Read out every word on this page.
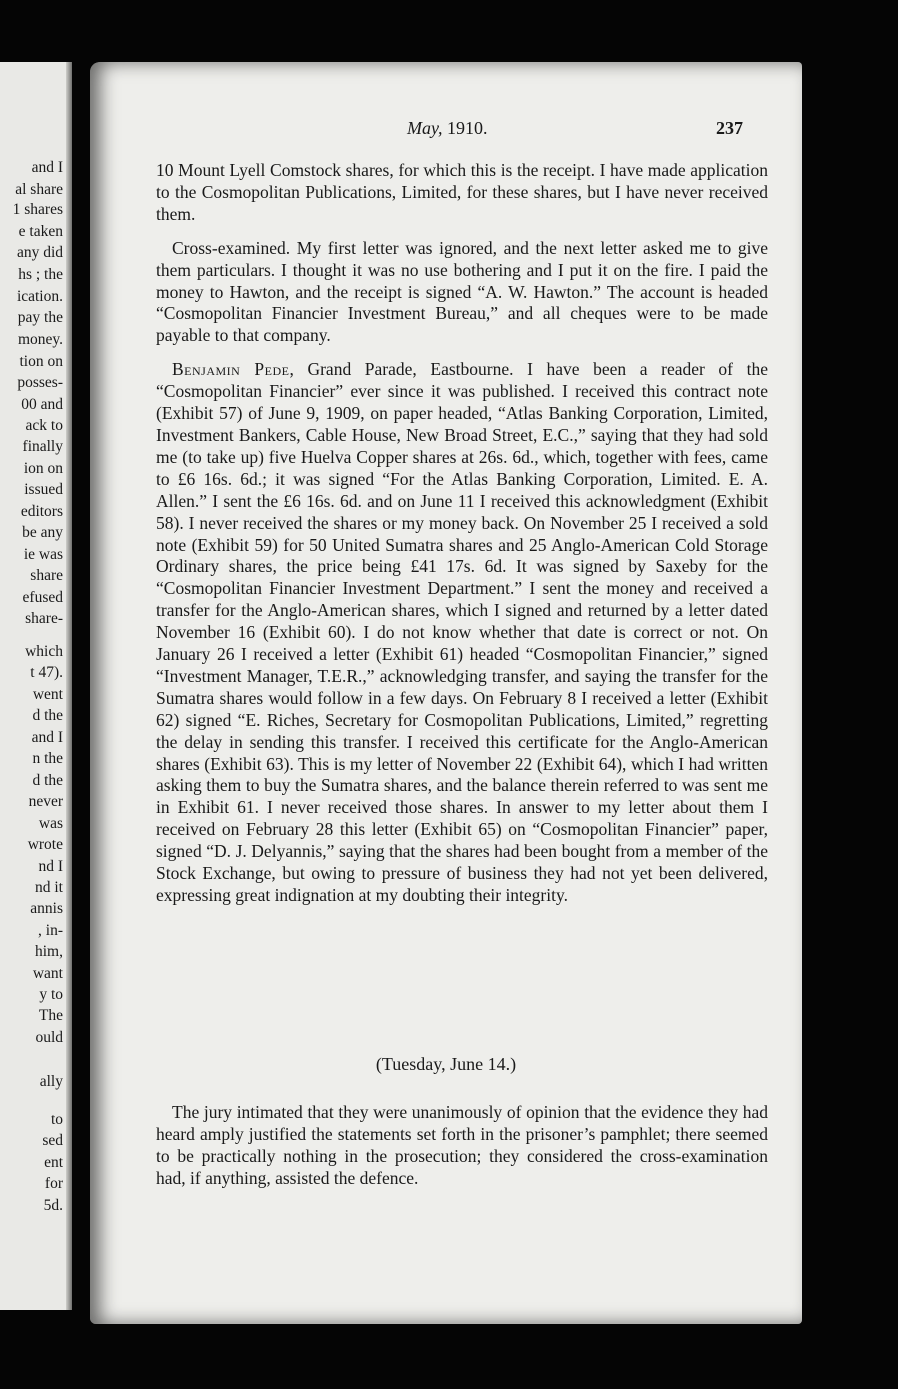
and I
al share
1 shares
e taken
any did
hs ; the
ication.
pay the
money.
tion on
posses-
00 and
ack to
finally
ion on
issued
editors
be any
ie was
share
efused
share-
which
t 47).
went
d the
and I
n the
d the
never
was
wrote
nd I
nd it
annis
, in-
him,
want
y to
The
ould
ally
to
sed
ent
for
5d.
May, 1910.	237

10 Mount Lyell Comstock shares, for which this is the receipt. I have made application to the Cosmopolitan Publications, Limited, for these shares, but I have never received them.

Cross-examined. My first letter was ignored, and the next letter asked me to give them particulars. I thought it was no use bothering and I put it on the fire. I paid the money to Hawton, and the receipt is signed “A. W. Hawton.” The account is headed “Cosmopolitan Financier Investment Bureau,” and all cheques were to be made payable to that company.

Benjamin Pede, Grand Parade, Eastbourne. I have been a reader of the “Cosmopolitan Financier” ever since it was published. I received this contract note (Exhibit 57) of June 9, 1909, on paper headed, “Atlas Banking Corporation, Limited, Investment Bankers, Cable House, New Broad Street, E.C.,” saying that they had sold me (to take up) five Huelva Copper shares at 26s. 6d., which, together with fees, came to £6 16s. 6d.; it was signed “For the Atlas Banking Corporation, Limited. E. A. Allen.” I sent the £6 16s. 6d. and on June 11 I received this acknowledgment (Exhibit 58). I never received the shares or my money back. On November 25 I received a sold note (Exhibit 59) for 50 United Sumatra shares and 25 Anglo-American Cold Storage Ordinary shares, the price being £41 17s. 6d. It was signed by Saxeby for the “Cosmopolitan Financier Investment Department.” I sent the money and received a transfer for the Anglo-American shares, which I signed and returned by a letter dated November 16 (Exhibit 60). I do not know whether that date is correct or not. On January 26 I received a letter (Exhibit 61) headed “Cosmopolitan Financier,” signed “Investment Manager, T.E.R.,” acknowledging transfer, and saying the transfer for the Sumatra shares would follow in a few days. On February 8 I received a letter (Exhibit 62) signed “E. Riches, Secretary for Cosmopolitan Publications, Limited,” regretting the delay in sending this transfer. I received this certificate for the Anglo-American shares (Exhibit 63). This is my letter of November 22 (Exhibit 64), which I had written asking them to buy the Sumatra shares, and the balance therein referred to was sent me in Exhibit 61. I never received those shares. In answer to my letter about them I received on February 28 this letter (Exhibit 65) on “Cosmopolitan Financier” paper, signed “D. J. Delyannis,” saying that the shares had been bought from a member of the Stock Exchange, but owing to pressure of business they had not yet been delivered, expressing great indignation at my doubting their integrity.

(Tuesday, June 14.)
The jury intimated that they were unanimously of opinion that the evidence they had heard amply justified the statements set forth in the prisoner’s pamphlet; there seemed to be practically nothing in the prosecution; they considered the cross-examination had, if anything, assisted the defence.
